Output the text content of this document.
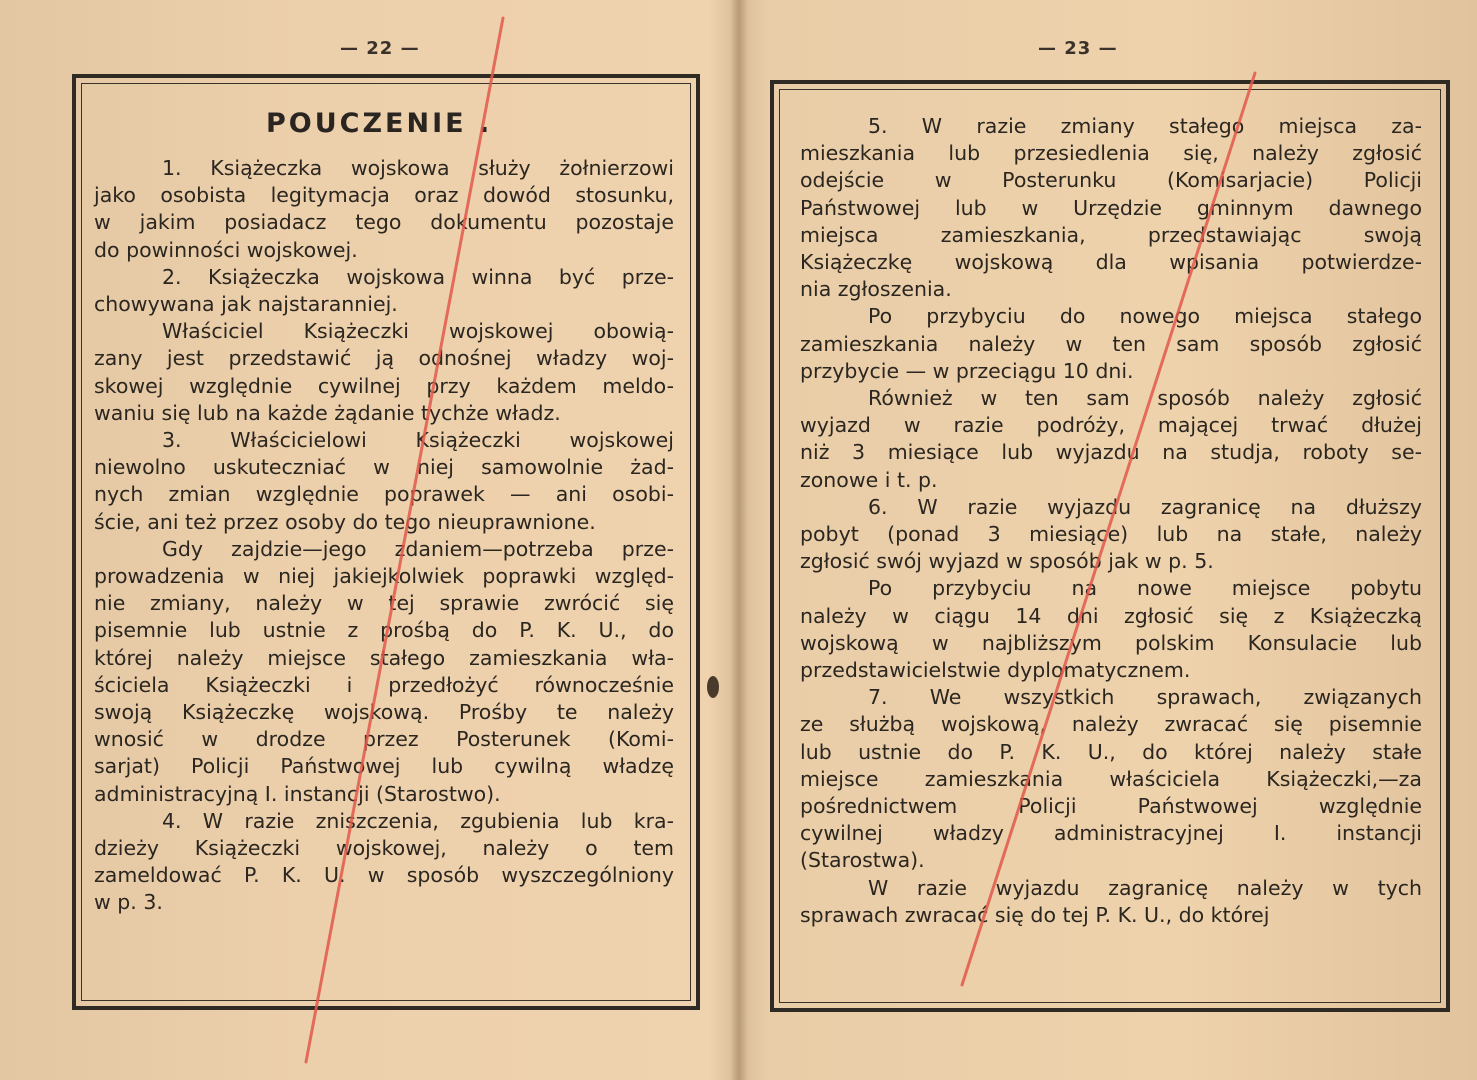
— 22 —
POUCZENIE .

1. Książeczka wojskowa służy żołnierzowi
jako osobista legitymacja oraz dowód stosunku,
w jakim posiadacz tego dokumentu pozostaje
do powinności wojskowej.

2. Książeczka wojskowa winna być prze-
chowywana jak najstaranniej.

Właściciel Książeczki wojskowej obowią-
zany jest przedstawić ją odnośnej władzy woj-
skowej względnie cywilnej przy każdem meldo-
waniu się lub na każde żądanie tychże władz.

3. Właścicielowi Książeczki wojskowej
niewolno uskuteczniać w niej samowolnie żad-
nych zmian względnie poprawek — ani osobi-
ście, ani też przez osoby do tego nieuprawnione.

Gdy zajdzie—jego zdaniem—potrzeba prze-
prowadzenia w niej jakiejkolwiek poprawki względ-
nie zmiany, należy w tej sprawie zwrócić się
pisemnie lub ustnie z prośbą do P. K. U., do
której należy miejsce stałego zamieszkania wła-
ściciela Książeczki i przedłożyć równocześnie
swoją Książeczkę wojskową. Prośby te należy
wnosić w drodze przez Posterunek (Komi-
sarjat) Policji Państwowej lub cywilną władzę
administracyjną I. instancji (Starostwo).

4. W razie zniszczenia, zgubienia lub kra-
dzieży Książeczki wojskowej, należy o tem
zameldować P. K. U. w sposób wyszczególniony
w p. 3.

— 23 —

5. W razie zmiany stałego miejsca za-
mieszkania lub przesiedlenia się, należy zgłosić
odejście w Posterunku (Komisarjacie) Policji
Państwowej lub w Urzędzie gminnym dawnego
miejsca zamieszkania, przedstawiając swoją
Książeczkę wojskową dla wpisania potwierdze-
nia zgłoszenia.

Po przybyciu do nowego miejsca stałego
zamieszkania należy w ten sam sposób zgłosić
przybycie — w przeciągu 10 dni.

Również w ten sam sposób należy zgłosić
wyjazd w razie podróży, mającej trwać dłużej
niż 3 miesiące lub wyjazdu na studja, roboty se-
zonowe i t. p.

6. W razie wyjazdu zagranicę na dłuższy
pobyt (ponad 3 miesiące) lub na stałe, należy
zgłosić swój wyjazd w sposób jak w p. 5.

Po przybyciu na nowe miejsce pobytu
należy w ciągu 14 dni zgłosić się z Książeczką
wojskową w najbliższym polskim Konsulacie lub
przedstawicielstwie dyplomatycznem.

7. We wszystkich sprawach, związanych
ze służbą wojskową, należy zwracać się pisemnie
lub ustnie do P. K. U., do której należy stałe
miejsce zamieszkania właściciela Książeczki,—za
pośrednictwem Policji Państwowej względnie
cywilnej władzy administracyjnej I. instancji
(Starostwa).

W razie wyjazdu zagranicę należy w tych
sprawach zwracać się do tej P. K. U., do której
